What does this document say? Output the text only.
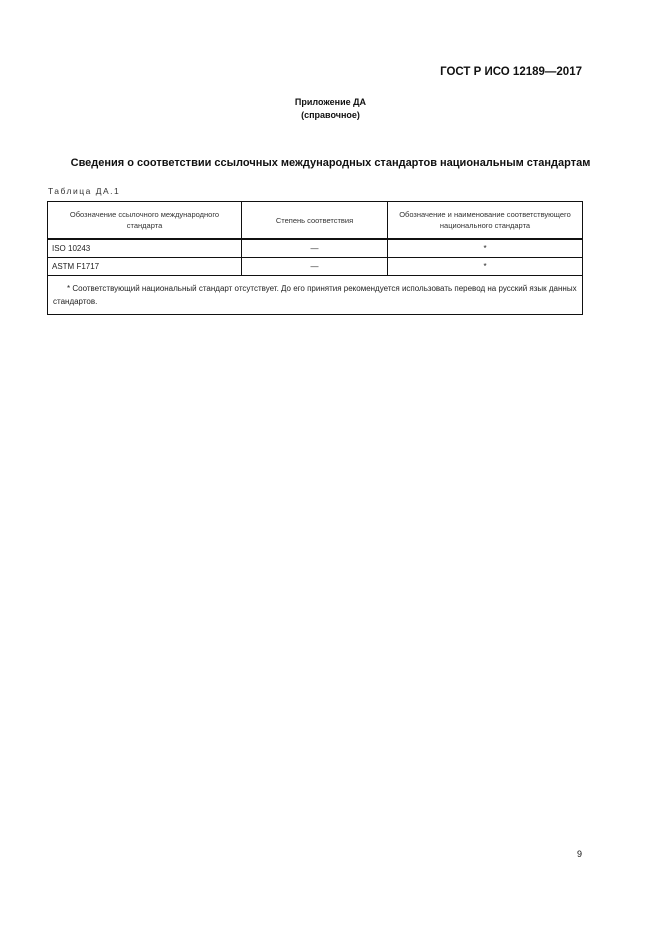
ГОСТ Р ИСО 12189—2017
Приложение ДА
(справочное)
Сведения о соответствии ссылочных международных стандартов национальным стандартам
Таблица ДА.1
Обозначение ссылочного международного стандарта	Степень соответствия	Обозначение и наименование соответствующего национального стандарта
ISO 10243	—	*
ASTM F1717	—	*
* Соответствующий национальный стандарт отсутствует. До его принятия рекомендуется использовать перевод на русский язык данных стандартов.		
9
